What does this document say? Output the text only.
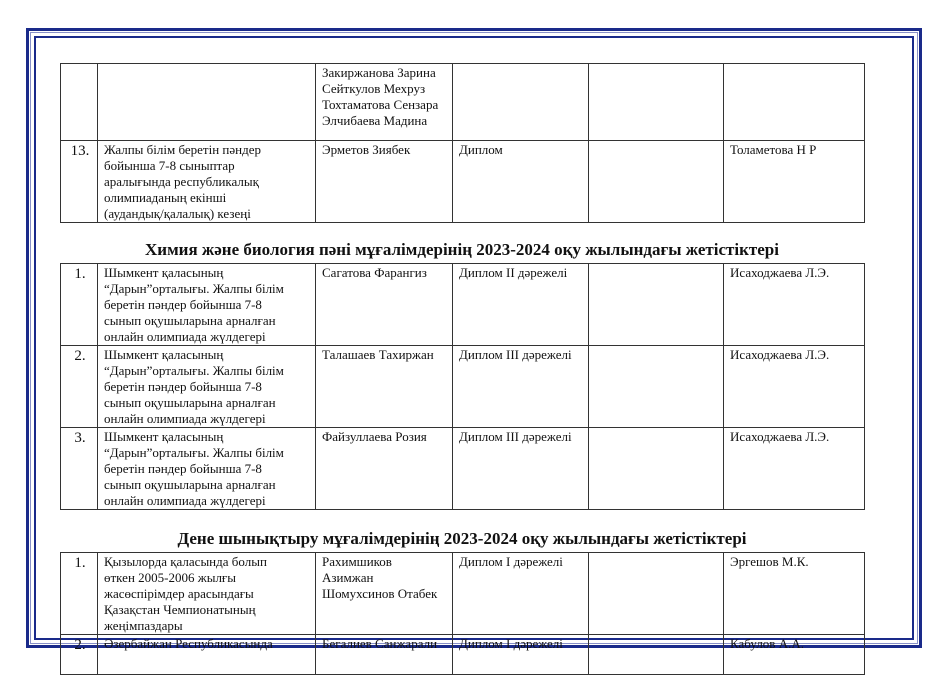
		Закиржанова Зарина
Сейткулов Мехруз
Тохтаматова Сензара
Элчибаева Мадина			

13.	Жалпы білім беретін пәндер
бойынша 7-8 сыныптар
аралығында республикалық
олимпиаданың екінші
(аудандық/қалалық) кезеңі	Эрметов Зиябек	Диплом		Толаметова Н Р
Химия және биология пәні мұғалімдерінің 2023-2024 оқу жылындағы жетістіктері
1.	Шымкент қаласының
“Дарын”орталығы. Жалпы білім
беретін пәндер бойынша 7-8
сынып оқушыларына арналған
онлайн олимпиада жүлдегері	Сагатова Фарангиз	Диплом II дәрежелі		Исаходжаева Л.Э.
2.	Шымкент қаласының
“Дарын”орталығы. Жалпы білім
беретін пәндер бойынша 7-8
сынып оқушыларына арналған
онлайн олимпиада жүлдегері	Талашаев Тахиржан	Диплом III дәрежелі		Исаходжаева Л.Э.
3.	Шымкент қаласының
“Дарын”орталығы. Жалпы білім
беретін пәндер бойынша 7-8
сынып оқушыларына арналған
онлайн олимпиада жүлдегері	Файзуллаева Розия	Диплом III дәрежелі		Исаходжаева Л.Э.
Дене шынықтыру мұғалімдерінің 2023-2024 оқу жылындағы жетістіктері
1.	Қызылорда қаласында болып
өткен 2005-2006 жылғы
жасөспірімдер арасындағы
Қазақстан Чемпионатының
жеңімпаздары	Рахимшиков
Азимжан
Шомухсинов Отабек	Диплом I дәрежелі		Эргешов М.К.
2.	Әзербайжан Республикасында	Бегалиев Санжарали	Диплом I дәрежелі		Кабулов А.А.
